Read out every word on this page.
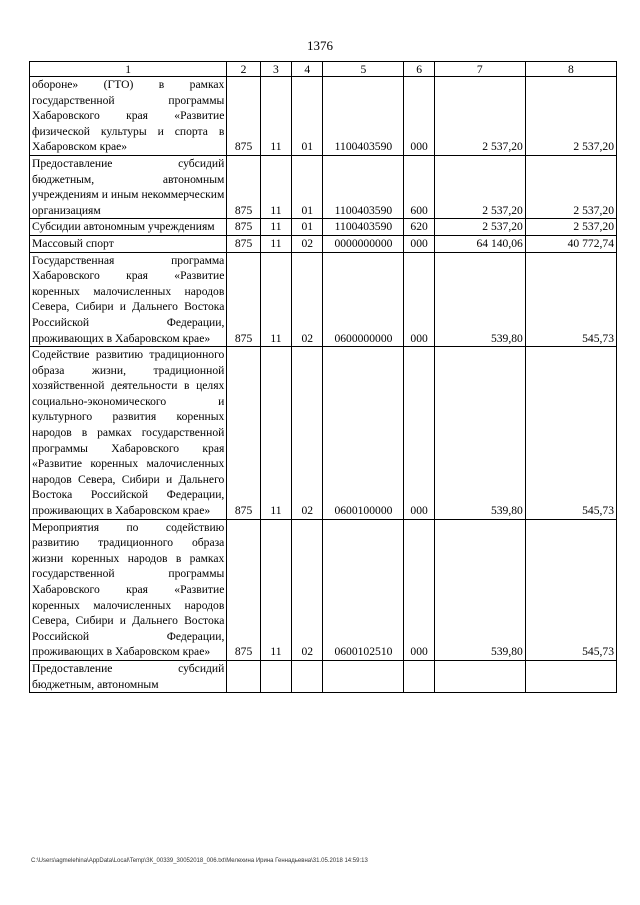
1376
1	2	3	4	5	6	7	8
обороне» (ГТО) в рамках государственной программы Хабаровского края «Развитие физической культуры и спорта в Хабаровском крае»	875	11	01	1100403590	000	2 537,20	2 537,20
Предоставление субсидий бюджетным, автономным учреждениям и иным некоммерческим организациям	875	11	01	1100403590	600	2 537,20	2 537,20
Субсидии автономным учреждениям	875	11	01	1100403590	620	2 537,20	2 537,20
Массовый спорт	875	11	02	0000000000	000	64 140,06	40 772,74
Государственная программа Хабаровского края «Развитие коренных малочисленных народов Севера, Сибири и Дальнего Востока Российской Федерации, проживающих в Хабаровском крае»	875	11	02	0600000000	000	539,80	545,73
Содействие развитию традиционного образа жизни, традиционной хозяйственной деятельности в целях социально-экономического и культурного развития коренных народов в рамках государственной программы Хабаровского края «Развитие коренных малочисленных народов Севера, Сибири и Дальнего Востока Российской Федерации, проживающих в Хабаровском крае»	875	11	02	0600100000	000	539,80	545,73
Мероприятия по содействию развитию традиционного образа жизни коренных народов в рамках государственной программы Хабаровского края «Развитие коренных малочисленных народов Севера, Сибири и Дальнего Востока Российской Федерации, проживающих в Хабаровском крае»	875	11	02	0600102510	000	539,80	545,73
Предоставление субсидий бюджетным, автономным							
C:\Users\agmelehina\AppData\Local\Temp\ЗК_00339_30052018_006.txt\Мелехина Ирина Геннадьевна\31.05.2018 14:59:13
